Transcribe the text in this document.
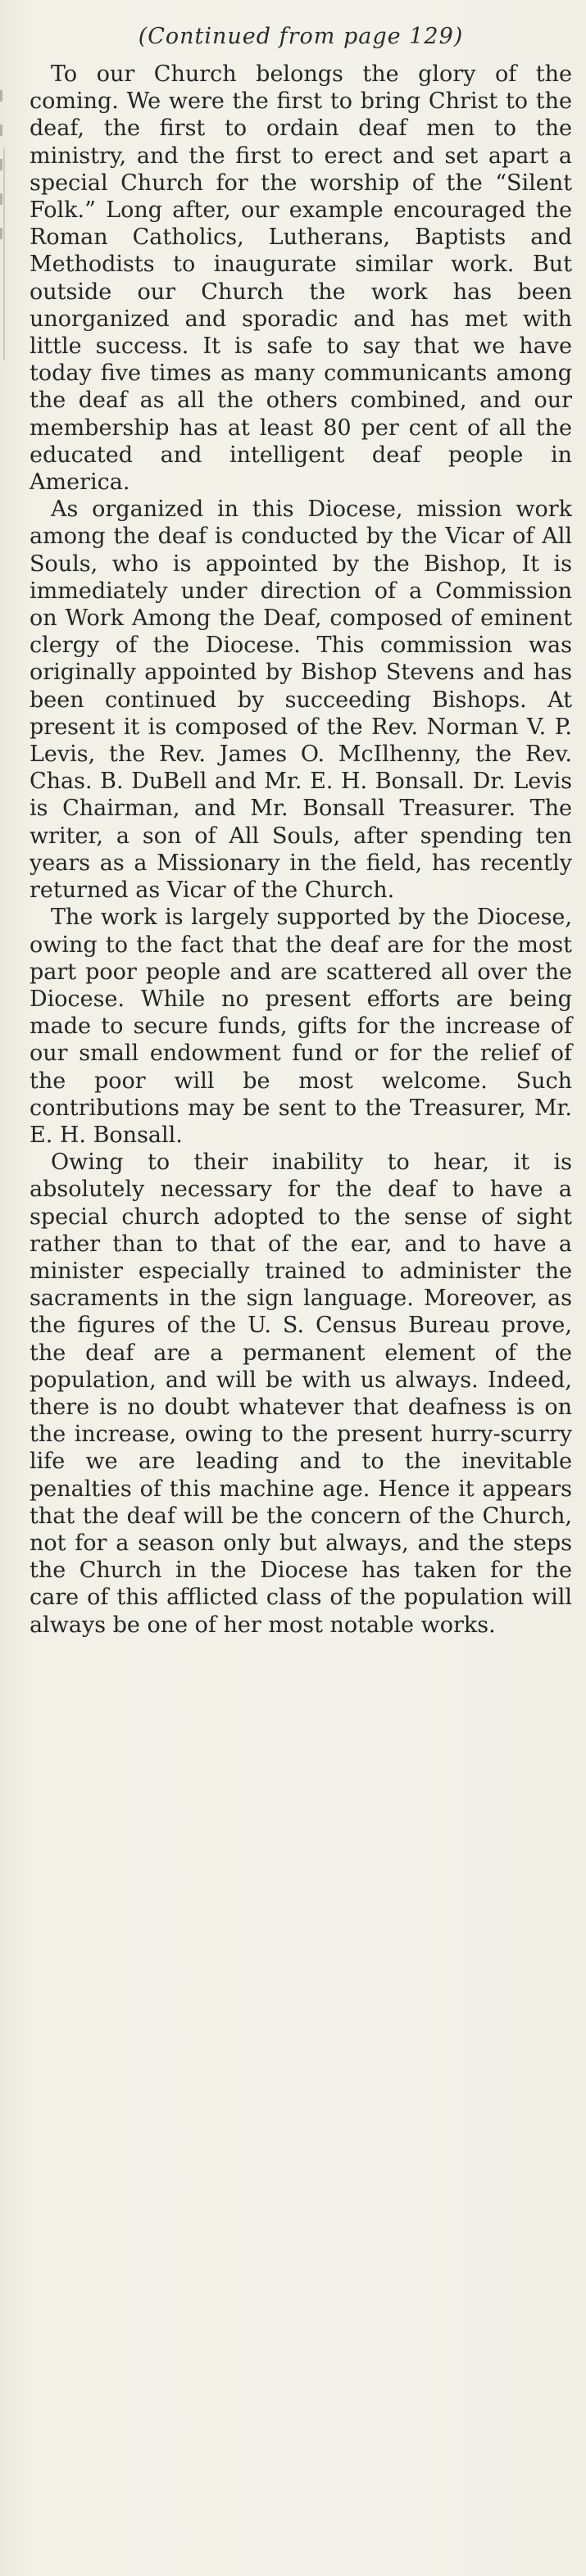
(Continued from page 129)

To our Church belongs the glory of the coming. We were the first to bring Christ to the deaf, the first to ordain deaf men to the ministry, and the first to erect and set apart a special Church for the worship of the “Silent Folk.” Long after, our example encouraged the Roman Catholics, Lutherans, Baptists and Methodists to inaugurate similar work. But outside our Church the work has been unorganized and sporadic and has met with little success. It is safe to say that we have today five times as many communicants among the deaf as all the others combined, and our membership has at least 80 per cent of all the educated and intelligent deaf people in America.

As organized in this Diocese, mission work among the deaf is conducted by the Vicar of All Souls, who is appointed by the Bishop, It is immediately under direction of a Commission on Work Among the Deaf, composed of eminent clergy of the Diocese. This commission was originally appointed by Bishop Stevens and has been continued by succeeding Bishops. At present it is composed of the Rev. Norman V. P. Levis, the Rev. James O. McIlhenny, the Rev. Chas. B. DuBell and Mr. E. H. Bonsall. Dr. Levis is Chairman, and Mr. Bonsall Treasurer. The writer, a son of All Souls, after spending ten years as a Missionary in the field, has recently returned as Vicar of the Church.

The work is largely supported by the Diocese, owing to the fact that the deaf are for the most part poor people and are scattered all over the Diocese. While no present efforts are being made to secure funds, gifts for the increase of our small endowment fund or for the relief of the poor will be most welcome. Such contributions may be sent to the Treasurer, Mr. E. H. Bonsall.

Owing to their inability to hear, it is absolutely necessary for the deaf to have a special church adopted to the sense of sight rather than to that of the ear, and to have a minister especially trained to administer the sacraments in the sign language. Moreover, as the figures of the U. S. Census Bureau prove, the deaf are a permanent element of the population, and will be with us always. Indeed, there is no doubt whatever that deafness is on the increase, owing to the present hurry-scurry life we are leading and to the inevitable penalties of this machine age. Hence it appears that the deaf will be the concern of the Church, not for a season only but always, and the steps the Church in the Diocese has taken for the care of this afflicted class of the population will always be one of her most notable works.
